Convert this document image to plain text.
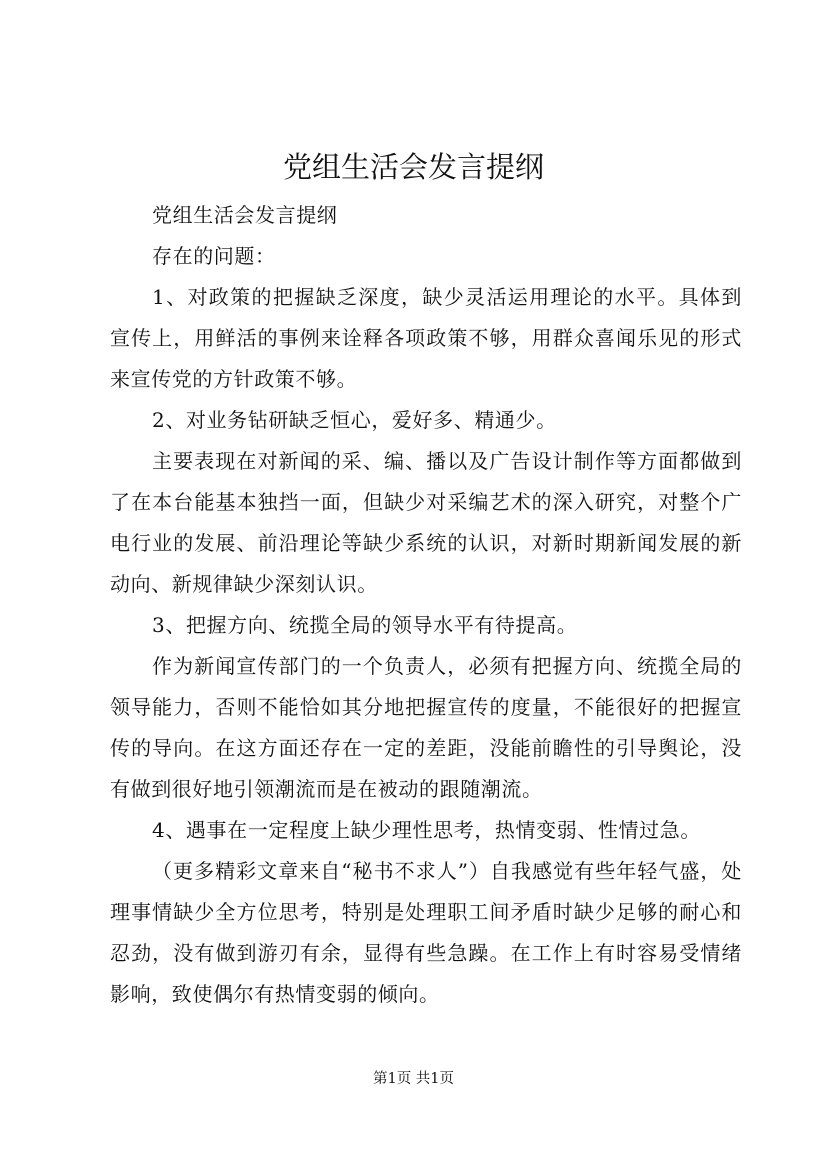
党组生活会发言提纲

党组生活会发言提纲

存在的问题：

1、对政策的把握缺乏深度，缺少灵活运用理论的水平。具体到宣传上，用鲜活的事例来诠释各项政策不够，用群众喜闻乐见的形式来宣传党的方针政策不够。

2、对业务钻研缺乏恒心，爱好多、精通少。

主要表现在对新闻的采、编、播以及广告设计制作等方面都做到了在本台能基本独挡一面，但缺少对采编艺术的深入研究，对整个广电行业的发展、前沿理论等缺少系统的认识，对新时期新闻发展的新动向、新规律缺少深刻认识。

3、把握方向、统揽全局的领导水平有待提高。

作为新闻宣传部门的一个负责人，必须有把握方向、统揽全局的领导能力，否则不能恰如其分地把握宣传的度量，不能很好的把握宣传的导向。在这方面还存在一定的差距，没能前瞻性的引导舆论，没有做到很好地引领潮流而是在被动的跟随潮流。

4、遇事在一定程度上缺少理性思考，热情变弱、性情过急。

（更多精彩文章来自“秘书不求人”）自我感觉有些年轻气盛，处理事情缺少全方位思考，特别是处理职工间矛盾时缺少足够的耐心和忍劲，没有做到游刃有余，显得有些急躁。在工作上有时容易受情绪影响，致使偶尔有热情变弱的倾向。

第1页 共1页
